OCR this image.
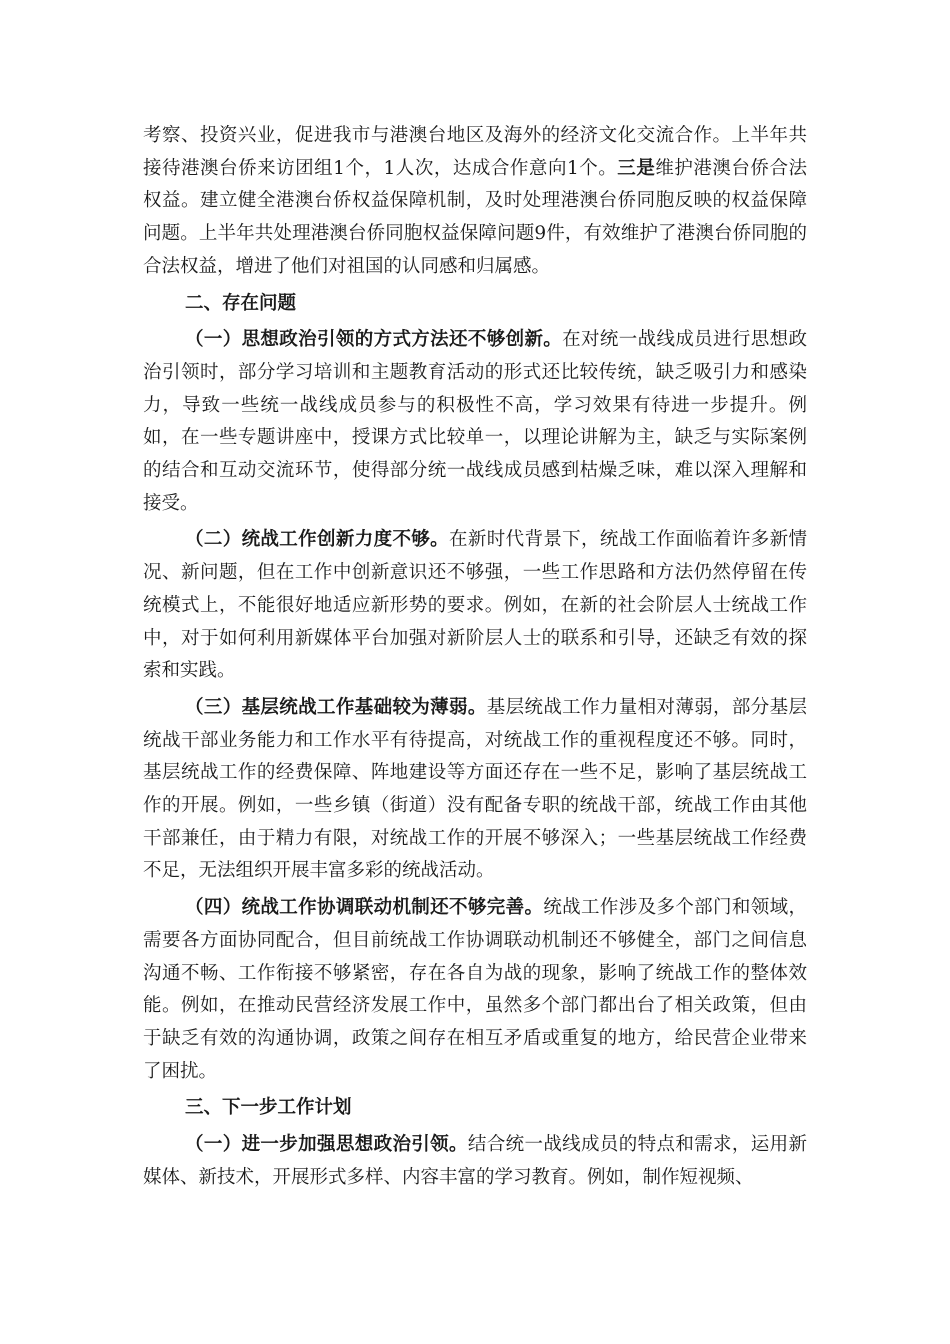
考察、投资兴业，促进我市与港澳台地区及海外的经济文化交流合作。上半年共接待港澳台侨来访团组1个，1人次，达成合作意向1个。三是维护港澳台侨合法权益。建立健全港澳台侨权益保障机制，及时处理港澳台侨同胞反映的权益保障问题。上半年共处理港澳台侨同胞权益保障问题9件，有效维护了港澳台侨同胞的合法权益，增进了他们对祖国的认同感和归属感。

二、存在问题

（一）思想政治引领的方式方法还不够创新。在对统一战线成员进行思想政治引领时，部分学习培训和主题教育活动的形式还比较传统，缺乏吸引力和感染力，导致一些统一战线成员参与的积极性不高，学习效果有待进一步提升。例如，在一些专题讲座中，授课方式比较单一，以理论讲解为主，缺乏与实际案例的结合和互动交流环节，使得部分统一战线成员感到枯燥乏味，难以深入理解和接受。

（二）统战工作创新力度不够。在新时代背景下，统战工作面临着许多新情况、新问题，但在工作中创新意识还不够强，一些工作思路和方法仍然停留在传统模式上，不能很好地适应新形势的要求。例如，在新的社会阶层人士统战工作中，对于如何利用新媒体平台加强对新阶层人士的联系和引导，还缺乏有效的探索和实践。

（三）基层统战工作基础较为薄弱。基层统战工作力量相对薄弱，部分基层统战干部业务能力和工作水平有待提高，对统战工作的重视程度还不够。同时，基层统战工作的经费保障、阵地建设等方面还存在一些不足，影响了基层统战工作的开展。例如，一些乡镇（街道）没有配备专职的统战干部，统战工作由其他干部兼任，由于精力有限，对统战工作的开展不够深入；一些基层统战工作经费不足，无法组织开展丰富多彩的统战活动。

（四）统战工作协调联动机制还不够完善。统战工作涉及多个部门和领域，需要各方面协同配合，但目前统战工作协调联动机制还不够健全，部门之间信息沟通不畅、工作衔接不够紧密，存在各自为战的现象，影响了统战工作的整体效能。例如，在推动民营经济发展工作中，虽然多个部门都出台了相关政策，但由于缺乏有效的沟通协调，政策之间存在相互矛盾或重复的地方，给民营企业带来了困扰。

三、下一步工作计划

（一）进一步加强思想政治引领。结合统一战线成员的特点和需求，运用新媒体、新技术，开展形式多样、内容丰富的学习教育。例如，制作短视频、
